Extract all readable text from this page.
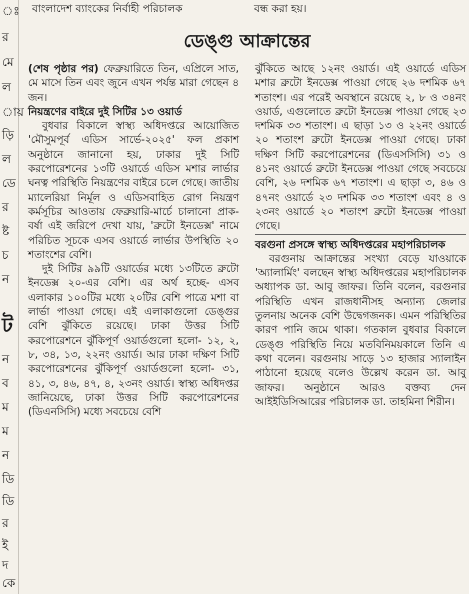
ঃ
র
মে
ল
ায়
ড়ি
ল
ডে
র
ষ্ট
চ
ন
ট
ন
ব
ম
ম
ন
ডি
ডি
র
ই
দ
কে
বাংলাদেশ ব্যাংকের নির্বাহী পরিচালক	বন্ধ করা হয়।
ডেঙ্গু আক্রান্তের

(শেষ পৃষ্ঠার পর) ফেব্রুয়ারিতে তিন, এপ্রিলে সাত, মে মাসে তিন এবং জুনে এখন পর্যন্ত মারা গেছেন ৪ জন।

নিয়ন্ত্রণের বাইরে দুই সিটির ১৩ ওয়ার্ড

বুধবার বিকালে স্বাস্থ্য অধিদপ্তরে আয়োজিত 'মৌসুমপূর্ব এডিস সার্ভে-২০২৫' ফল প্রকাশ অনুষ্ঠানে জানানো হয়, ঢাকার দুই সিটি করপোরেশনের ১৩টি ওয়ার্ডে এডিস মশার লার্ভার ঘনত্ব পরিস্থিতি নিয়ন্ত্রণের বাইরে চলে গেছে। জাতীয় ম্যালেরিয়া নির্মূল ও এডিসবাহিত রোগ নিয়ন্ত্রণ কর্মসূচির আওতায় ফেব্রুয়ারি-মার্চে চালানো প্রাক-বর্ষা এই জরিপে দেখা যায়, 'ব্রুটো ইনডেক্স' নামে পরিচিত সূচকে এসব ওয়ার্ডে লার্ভার উপস্থিতি ২০ শতাংশের বেশি।

দুই সিটির ৯৯টি ওয়ার্ডের মধ্যে ১৩টিতে ব্রুটো ইনডেক্স ২০-এর বেশি। এর অর্থ হচ্ছে- এসব এলাকার ১০০টির মধ্যে ২০টির বেশি পাত্রে মশা বা লার্ভা পাওয়া গেছে। এই এলাকাগুলো ডেঙ্গুর বেশি ঝুঁকিতে রয়েছে। ঢাকা উত্তর সিটি করপোরেশনে ঝুঁকিপূর্ণ ওয়ার্ডগুলো হলো- ১২, ২, ৮, ৩৪, ১৩, ২২নং ওয়ার্ড। আর ঢাকা দক্ষিণ সিটি করপোরেশনের ঝুঁকিপূর্ণ ওয়ার্ডগুলো হলো- ৩১, ৪১, ৩, ৪৬, ৪৭, ৪, ২৩নং ওয়ার্ড। স্বাস্থ্য অধিদপ্তর জানিয়েছে, ঢাকা উত্তর সিটি করপোরেশনের (ডিএনসিসি) মধ্যে সবচেয়ে বেশি

ঝুঁকিতে আছে ১২নং ওয়ার্ড। এই ওয়ার্ডে এডিস মশার ব্রুটো ইনডেক্স পাওয়া গেছে ২৬ দশমিক ৬৭ শতাংশ। এর পরেই অবস্থানে রয়েছে ২, ৮ ও ৩৪নং ওয়ার্ড, এগুলোতে ব্রুটো ইনডেক্স পাওয়া গেছে ২৩ দশমিক ৩৩ শতাংশ। এ ছাড়া ১৩ ও ২২নং ওয়ার্ডে ২০ শতাংশ ব্রুটো ইনডেক্স পাওয়া গেছে। ঢাকা দক্ষিণ সিটি করপোরেশনের (ডিএসসিসি) ৩১ ও ৪১নং ওয়ার্ডে ব্রুটো ইনডেক্স পাওয়া গেছে সবচেয়ে বেশি, ২৬ দশমিক ৬৭ শতাংশ। এ ছাড়া ৩, ৪৬ ও ৪৭নং ওয়ার্ডে ২৩ দশমিক ৩৩ শতাংশ এবং ৪ ও ২৩নং ওয়ার্ডে ২০ শতাংশ ব্রুটো ইনডেক্স পাওয়া গেছে।

বরগুনা প্রসঙ্গে স্বাস্থ্য অধিদপ্তরের মহাপরিচালক

বরগুনায় আক্রান্তের সংখ্যা বেড়ে যাওয়াকে 'অ্যালার্মিং' বলছেন স্বাস্থ্য অধিদপ্তরের মহাপরিচালক অধ্যাপক ডা. আবু জাফর। তিনি বলেন, বরগুনার পরিস্থিতি এখন রাজধানীসহ অন্যান্য জেলার তুলনায় অনেক বেশি উদ্বেগজনক। এমন পরিস্থিতির কারণ পানি জমে থাকা। গতকাল বুধবার বিকালে ডেঙ্গু পরিস্থিতি নিয়ে মতবিনিময়কালে তিনি এ কথা বলেন। বরগুনায় সাড়ে ১৩ হাজার স্যালাইন পাঠানো হয়েছে বলেও উল্লেখ করেন ডা. আবু জাফর। অনুষ্ঠানে আরও বক্তব্য দেন আইইডিসিআরের পরিচালক ডা. তাহমিনা শিরীন।
